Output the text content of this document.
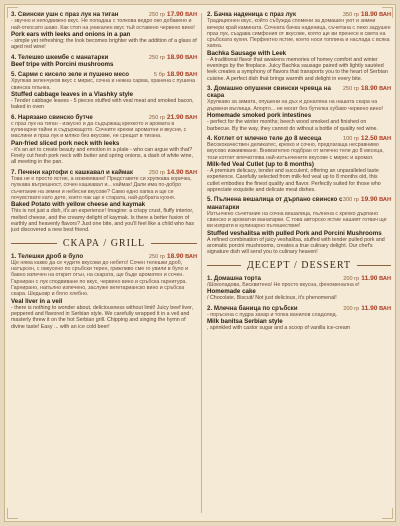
3. Свински ушн с праз лук на тиган	250 гр 17.90 ВАН
- звучно и неподвижно вкус. Не попадаш с толкова ведро око добавено и най-откосато шаво. Как стоп на уникален вкус тъй оставено червено вино!
Pork ears with leeks and onions in a pan
- simple yet refreshing; the look becomes brighter with the addition of a glass of aged red wine!
4. Телешко шкембе с манатарки	250 гр 18.90 ВАН
Beef tripe with Porcini mushrooms
5. Сарми с кисело зеле и пушено месо	5 бр 18.90 ВАН
Хрупкав зеленчуков вкус с мирис, сочна и нежна сарма, хранена с пушена свинска плънка.
Stuffed cabbage leaves in a Vlashky style
- Tender cabbage leaves - 5 pieces stuffed with veal meat and smoked bacon, baked in oven
6. Нарязано свинско бутче	250 гр 21.90 ВАН
с праз лук на тиган - изкусно и да съдържащ крехкото и аромата в кулинарни тайни и съдържащото. Сочните крехки ароматни и вкусни, с маслини и праз лук и мляко без вкусове, не срещат в тигана.
Pan-fried sliced pork neck with leeks
- it's an art to create beauty and emotion in a plate - who can argue with that? Finely cut fresh pork neck with butter and spring onions, a dash of white wine, all meeting in the pan.
7. Печени картофи с кашкавал и каймак	250 гр 14.90 ВАН
Това не е просто ястие, а изживяване! Представете си хрупкава коричка, пухкава вътрешност, сочен кашкавал и... каймак! Дали има по-добро съчетание на земни и небесни вкусове? Само едно хапка и ще се почувствате като дете, което пак ще е старата, най-добрата кухня.
Baked Potato with yellow cheese and kaymak
This is not just a dish, it's an experience! Imagine: a crispy crust, fluffy interior, melted cheese, and the creamy delight of kaymak. Is there a better fusion of earthly and heavenly flavors? Just one bite, and you'll feel like a child who has just discovered a new best friend.
СКАРА / GRILL
1. Телешки дроб в було	250 гр 18.90 ВАН
Ще няма какво да се чудите вкусови до небето! Сочен телешки дроб, натърсен, с овкусено по сръбски терен, грижливо сме го увили в було и бавно изпечен на открит огън, на скарата, ще бъде ароматен и сочен. Гарниран с лук сподвиване по вкус, червено вино и сръбска гарнитура. Гарнирано, напълно изпечено, заслуже вегетарианско вино и сръбска скара. Шедьовр и бяло хлебно.
Veal liver in a veil
- there is nothing to wonder about, deliciousness without limit! Juicy beef liver, peppered and flavored in Serbian style. We carefully wrapped it in a veil and masterly threw it on the hot Serbian grill. Chipping and singing the hymn of divine taste! Easy ... with an ice cold beer!
2. Бачка наденица с праз лук	350 гр 18.90 ВАН
Традиционен вкус, който събужда спомени за домашен уют и зимни вечери край камината. Сочната бачка наденица, съчетана с леко задушен праз лук, създава симфония от вкусове, която ще ви пренесе в света на сръбската кухня. Перфектно ястие, което носи топлина и наслада с всяка хапка.
Bachka Sausage with Leek
- A traditional flavor that awakens memories of homey comfort and winter evenings by the fireplace. Juicy Bachka sausage paired with lightly sautéed leek creates a symphony of flavors that transports you to the heart of Serbian cuisine. A perfect dish that brings warmth and delight in every bite.
3. Домашно опушени свински чревца на скара
250 гр 18.90 ВАН
Хрупкаво за зимата, опушени на дъх и доналяна на нашата скара на дървени въглища. Апорто... не могат без бутилка хубаво червено вино!
Homemade smoked pork intestines
- perfect for the winter months; beech wood smoked and finished on barbecue. By the way, they cannot do without a bottle of quality red wine.
4. Котлет от млечно теле до 8 месеца	100 гр 12.50 ВАН
Висококачествен деликатес, крехко и сочно, предлагаща несравнимо вкусово изживяване. Внимателно подбран от млечно теле до 8 месеца, този котлет впечатлява най-изтънчените вкусове с мирис и аромат.
Milk-fed Veal Cutlet (up to 8 months)
- A premium delicacy, tender and succulent, offering an unparalleled taste experience. Carefully selected from milk-fed veal up to 8 months old, this cutlet embodies the finest quality and flavor. Perfectly suited for those who appreciate exquisite and delicate meat dishes.
5. Пълнена вешалица от дърпано свинско с манатарки
300 гр 19.90 ВАН
Изтънчено съчетание на сочна вешалица, пълнена с крехко дърпано свинско и ароматни манатарки. С това авторско ястие нашият готвач ще ви изпрати в кулинарно пътешествие!
Stuffed veshalitsa with pulled Pork and Porcini Mushrooms
A refined combination of juicy veshalitsa, stuffed with tender pulled pork and aromatic porcini mushrooms, creates a true culinary delight. Our chef's signature dish will send you to culinary heaven!
ДЕСЕРТ / DESSERT
1. Домашна торта	200 гр 11.90 ВАН
/Шоколадова, Бисквитено/ Не просто вкусна, феноменална е!
Homemade cake
/ Chocolate, Biscuit/ Not just delicious, it's phenomenal!
2. Млечна баница по сръбски	200 гр 11.90 ВАН
- поръсена с пудра захар и топка ванилов сладолед.
Milk banitsa Serbian style
, sprinkled with castor sugar and a scoop of vanilla ice-cream
